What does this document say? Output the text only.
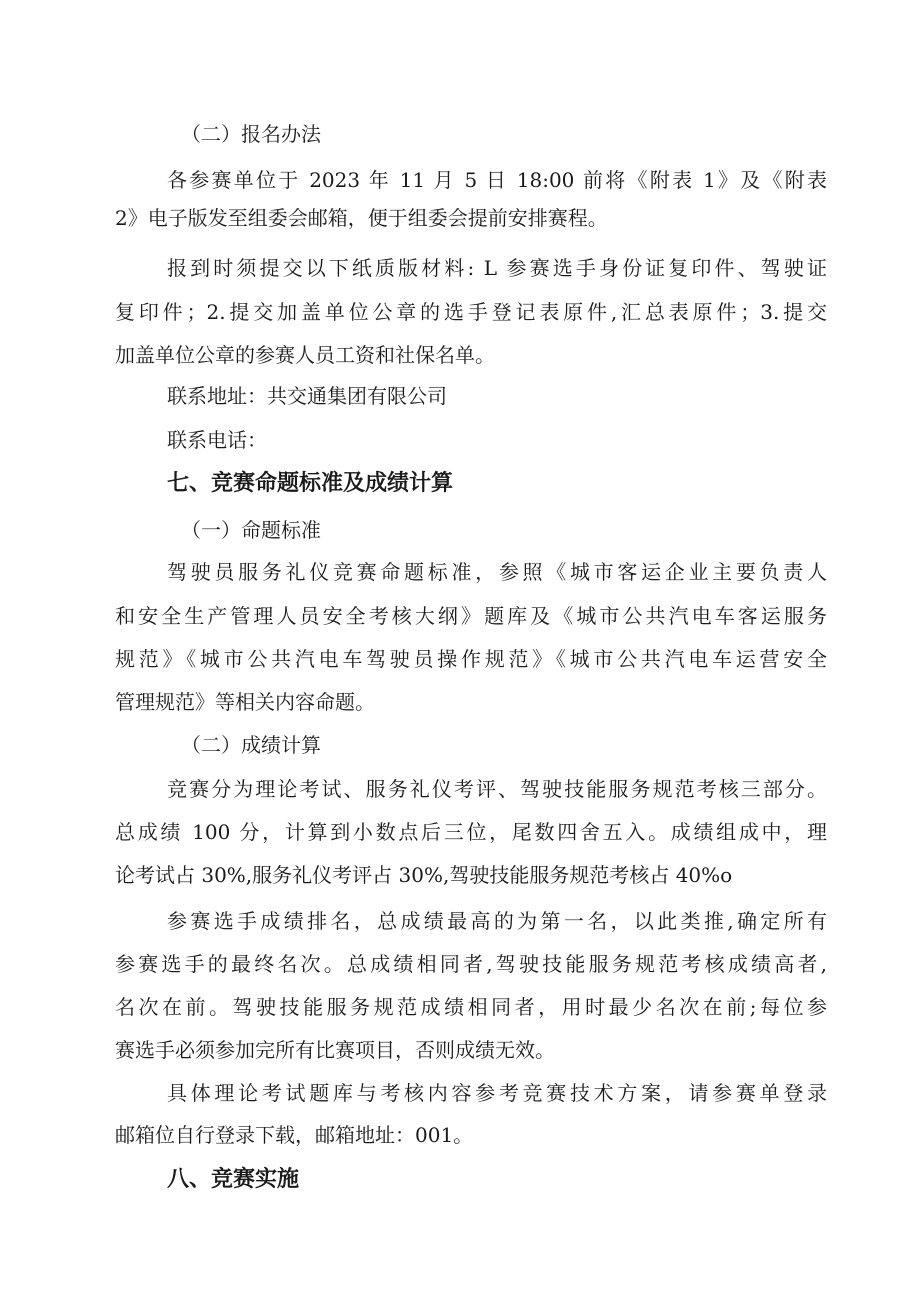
（二）报名办法
各参赛单位于 2023 年 11 月 5 日 18:00 前将《附表 1》及《附表
2》电子版发至组委会邮箱，便于组委会提前安排赛程。
报到时须提交以下纸质版材料: L 参赛选手身份证复印件、驾驶证
复印件；2.提交加盖单位公章的选手登记表原件,汇总表原件；3.提交
加盖单位公章的参赛人员工资和社保名单。
联系地址：共交通集团有限公司
联系电话：
七、竞赛命题标准及成绩计算
（一）命题标准
驾驶员服务礼仪竞赛命题标准，参照《城市客运企业主要负责人
和安全生产管理人员安全考核大纲》题库及《城市公共汽电车客运服务
规范》《城市公共汽电车驾驶员操作规范》《城市公共汽电车运营安全
管理规范》等相关内容命题。
（二）成绩计算
竞赛分为理论考试、服务礼仪考评、驾驶技能服务规范考核三部分。
总成绩 100 分，计算到小数点后三位，尾数四舍五入。成绩组成中，理
论考试占 30%,服务礼仪考评占 30%,驾驶技能服务规范考核占 40%o
参赛选手成绩排名，总成绩最高的为第一名，以此类推,确定所有
参赛选手的最终名次。总成绩相同者,驾驶技能服务规范考核成绩高者,
名次在前。驾驶技能服务规范成绩相同者，用时最少名次在前;每位参
赛选手必须参加完所有比赛项目，否则成绩无效。
具体理论考试题库与考核内容参考竞赛技术方案，请参赛单登录
邮箱位自行登录下载，邮箱地址：001。
八、竞赛实施
